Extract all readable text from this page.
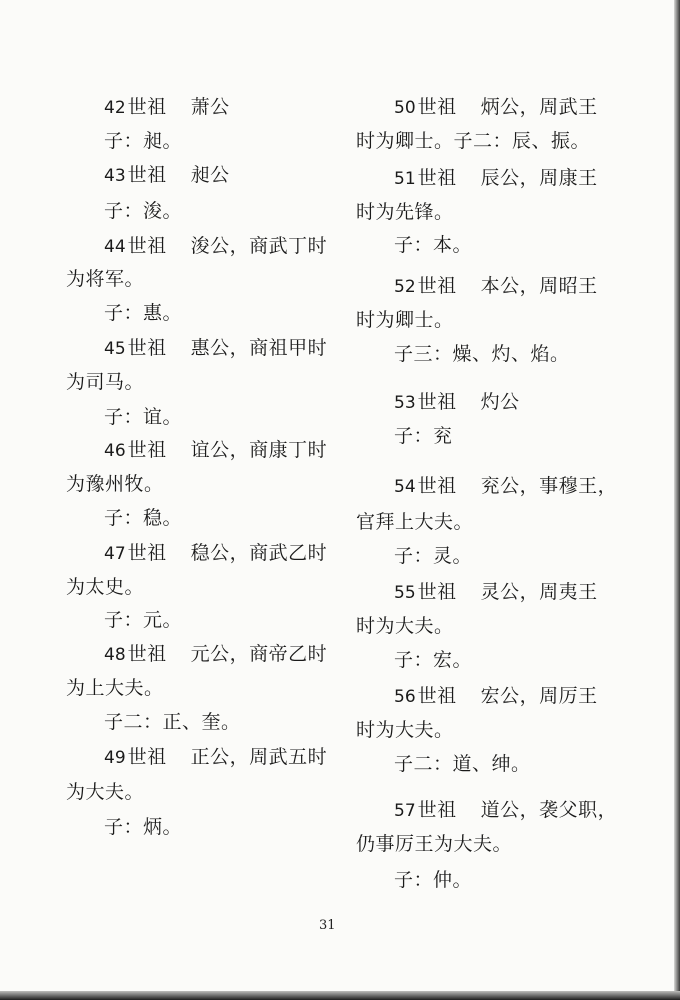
42 世祖 萧公
子：昶。
43 世祖 昶公
子：浚。
44 世祖 浚公，商武丁时
为将军。
子：惠。
45 世祖 惠公，商祖甲时
为司马。
子：谊。
46 世祖 谊公，商康丁时
为豫州牧。
子：稳。
47 世祖 稳公，商武乙时
为太史。
子：元。
48 世祖 元公，商帝乙时
为上大夫。
子二：正、奎。
49 世祖 正公，周武五时
为大夫。
子：炳。
50 世祖 炳公，周武王
时为卿士。子二：辰、振。
51 世祖 辰公，周康王
时为先锋。
子：本。
52 世祖 本公，周昭王
时为卿士。
子三：燥、灼、焰。
53 世祖 灼公
子：兖
54 世祖 兖公，事穆王，
官拜上大夫。
子：灵。
55 世祖 灵公，周夷王
时为大夫。
子：宏。
56 世祖 宏公，周厉王
时为大夫。
子二：道、绅。
57 世祖 道公，袭父职，
仍事厉王为大夫。
子：仲。
31
